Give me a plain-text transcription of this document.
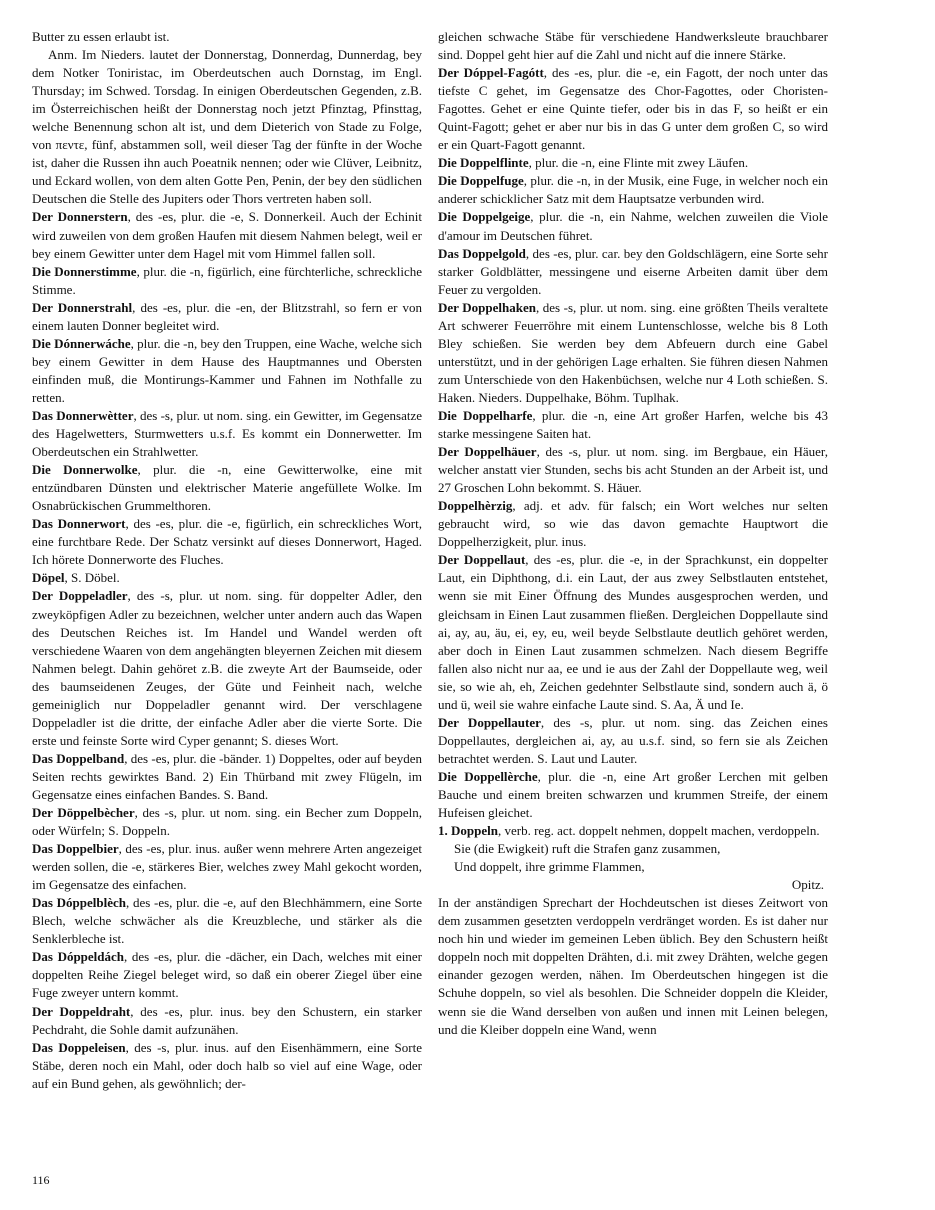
Butter zu essen erlaubt ist.

Anm. Im Nieders. lautet der Donnerstag, Donnerdag, Dunnerdag, bey dem Notker Toniristac, im Oberdeutschen auch Dornstag, im Engl. Thursday; im Schwed. Torsdag. In einigen Oberdeutschen Gegenden, z.B. im Österreichischen heißt der Donnerstag noch jetzt Pfinztag, Pfinsttag, welche Benennung schon alt ist, und dem Dieterich von Stade zu Folge, von πεντε, fünf, abstammen soll, weil dieser Tag der fünfte in der Woche ist, daher die Russen ihn auch Poeatnik nennen; oder wie Clüver, Leibnitz, und Eckard wollen, von dem alten Gotte Pen, Penin, der bey den südlichen Deutschen die Stelle des Jupiters oder Thors vertreten haben soll.

Der Donnerstern, des -es, plur. die -e, S. Donnerkeil. Auch der Echinit wird zuweilen von dem großen Haufen mit diesem Nahmen belegt, weil er bey einem Gewitter unter dem Hagel mit vom Himmel fallen soll.

Die Donnerstimme, plur. die -n, figürlich, eine fürchterliche, schreckliche Stimme.

Der Donnerstrahl, des -es, plur. die -en, der Blitzstrahl, so fern er von einem lauten Donner begleitet wird.

Die Dónnerwáche, plur. die -n, bey den Truppen, eine Wache, welche sich bey einem Gewitter in dem Hause des Hauptmannes und Obersten einfinden muß, die Montirungs-Kammer und Fahnen im Nothfalle zu retten.

Das Donnerwètter, des -s, plur. ut nom. sing. ein Gewitter, im Gegensatze des Hagelwetters, Sturmwetters u.s.f. Es kommt ein Donnerwetter. Im Oberdeutschen ein Strahlwetter.

Die Donnerwolke, plur. die -n, eine Gewitterwolke, eine mit entzündbaren Dünsten und elektrischer Materie angefüllete Wolke. Im Osnabrückischen Grummelthoren.

Das Donnerwort, des -es, plur. die -e, figürlich, ein schreckliches Wort, eine furchtbare Rede. Der Schatz versinkt auf dieses Donnerwort, Haged. Ich hörete Donnerworte des Fluches.

Döpel, S. Döbel.

Der Doppeladler, des -s, plur. ut nom. sing. für doppelter Adler, den zweyköpfigen Adler zu bezeichnen, welcher unter andern auch das Wapen des Deutschen Reiches ist. Im Handel und Wandel werden oft verschiedene Waaren von dem angehängten bleyernen Zeichen mit diesem Nahmen belegt. Dahin gehöret z.B. die zweyte Art der Baumseide, oder des baumseidenen Zeuges, der Güte und Feinheit nach, welche gemeiniglich nur Doppeladler genannt wird. Der verschlagene Doppeladler ist die dritte, der einfache Adler aber die vierte Sorte. Die erste und feinste Sorte wird Cyper genannt; S. dieses Wort.

Das Doppelband, des -es, plur. die -bänder. 1) Doppeltes, oder auf beyden Seiten rechts gewirktes Band. 2) Ein Thürband mit zwey Flügeln, im Gegensatze eines einfachen Bandes. S. Band.

Der Döppelbècher, des -s, plur. ut nom. sing. ein Becher zum Doppeln, oder Würfeln; S. Doppeln.

Das Doppelbier, des -es, plur. inus. außer wenn mehrere Arten angezeiget werden sollen, die -e, stärkeres Bier, welches zwey Mahl gekocht worden, im Gegensatze des einfachen.

Das Dóppelblèch, des -es, plur. die -e, auf den Blechhämmern, eine Sorte Blech, welche schwächer als die Kreuzbleche, und stärker als die Senklerbleche ist.

Das Dóppeldách, des -es, plur. die -dächer, ein Dach, welches mit einer doppelten Reihe Ziegel beleget wird, so daß ein oberer Ziegel über eine Fuge zweyer untern kommt.

Der Doppeldraht, des -es, plur. inus. bey den Schustern, ein starker Pechdraht, die Sohle damit aufzunähen.

Das Doppeleisen, des -s, plur. inus. auf den Eisenhämmern, eine Sorte Stäbe, deren noch ein Mahl, oder doch halb so viel auf eine Wage, oder auf ein Bund gehen, als gewöhnlich; der-

gleichen schwache Stäbe für verschiedene Handwerksleute brauchbarer sind. Doppel geht hier auf die Zahl und nicht auf die innere Stärke.

Der Dóppel-Fagótt, des -es, plur. die -e, ein Fagott, der noch unter das tiefste C gehet, im Gegensatze des Chor-Fagottes, oder Choristen-Fagottes. Gehet er eine Quinte tiefer, oder bis in das F, so heißt er ein Quint-Fagott; gehet er aber nur bis in das G unter dem großen C, so wird er ein Quart-Fagott genannt.

Die Doppelflinte, plur. die -n, eine Flinte mit zwey Läufen.

Die Doppelfuge, plur. die -n, in der Musik, eine Fuge, in welcher noch ein anderer schicklicher Satz mit dem Hauptsatze verbunden wird.

Die Doppelgeige, plur. die -n, ein Nahme, welchen zuweilen die Viole d'amour im Deutschen führet.

Das Doppelgold, des -es, plur. car. bey den Goldschlägern, eine Sorte sehr starker Goldblätter, messingene und eiserne Arbeiten damit über dem Feuer zu vergolden.

Der Doppelhaken, des -s, plur. ut nom. sing. eine größten Theils veraltete Art schwerer Feuerröhre mit einem Luntenschlosse, welche bis 8 Loth Bley schießen. Sie werden bey dem Abfeuern durch eine Gabel unterstützt, und in der gehörigen Lage erhalten. Sie führen diesen Nahmen zum Unterschiede von den Hakenbüchsen, welche nur 4 Loth schießen. S. Haken. Nieders. Duppelhake, Böhm. Tuplhak.

Die Doppelharfe, plur. die -n, eine Art großer Harfen, welche bis 43 starke messingene Saiten hat.

Der Doppelhäuer, des -s, plur. ut nom. sing. im Bergbaue, ein Häuer, welcher anstatt vier Stunden, sechs bis acht Stunden an der Arbeit ist, und 27 Groschen Lohn bekommt. S. Häuer.

Doppelhèrzig, adj. et adv. für falsch; ein Wort welches nur selten gebraucht wird, so wie das davon gemachte Hauptwort die Doppelherzigkeit, plur. inus.

Der Doppellaut, des -es, plur. die -e, in der Sprachkunst, ein doppelter Laut, ein Diphthong, d.i. ein Laut, der aus zwey Selbstlauten entstehet, wenn sie mit Einer Öffnung des Mundes ausgesprochen werden, und gleichsam in Einen Laut zusammen fließen. Dergleichen Doppellaute sind ai, ay, au, äu, ei, ey, eu, weil beyde Selbstlaute deutlich gehöret werden, aber doch in Einen Laut zusammen schmelzen. Nach diesem Begriffe fallen also nicht nur aa, ee und ie aus der Zahl der Doppellaute weg, weil sie, so wie ah, eh, Zeichen gedehnter Selbstlaute sind, sondern auch ä, ö und ü, weil sie wahre einfache Laute sind. S. Aa, Ä und Ie.

Der Doppellauter, des -s, plur. ut nom. sing. das Zeichen eines Doppellautes, dergleichen ai, ay, au u.s.f. sind, so fern sie als Zeichen betrachtet werden. S. Laut und Lauter.

Die Doppellèrche, plur. die -n, eine Art großer Lerchen mit gelben Bauche und einem breiten schwarzen und krummen Streife, der einem Hufeisen gleichet.

1. Doppeln, verb. reg. act. doppelt nehmen, doppelt machen, verdoppeln.

Sie (die Ewigkeit) ruft die Strafen ganz zusammen,

Und doppelt, ihre grimme Flammen,

Opitz.

In der anständigen Sprechart der Hochdeutschen ist dieses Zeitwort von dem zusammen gesetzten verdoppeln verdränget worden. Es ist daher nur noch hin und wieder im gemeinen Leben üblich. Bey den Schustern heißt doppeln noch mit doppelten Drähten, d.i. mit zwey Drähten, welche gegen einander gezogen werden, nähen. Im Oberdeutschen hingegen ist die Schuhe doppeln, so viel als besohlen. Die Schneider doppeln die Kleider, wenn sie die Wand derselben von außen und innen mit Leinen belegen, und die Kleiber doppeln eine Wand, wenn

116
